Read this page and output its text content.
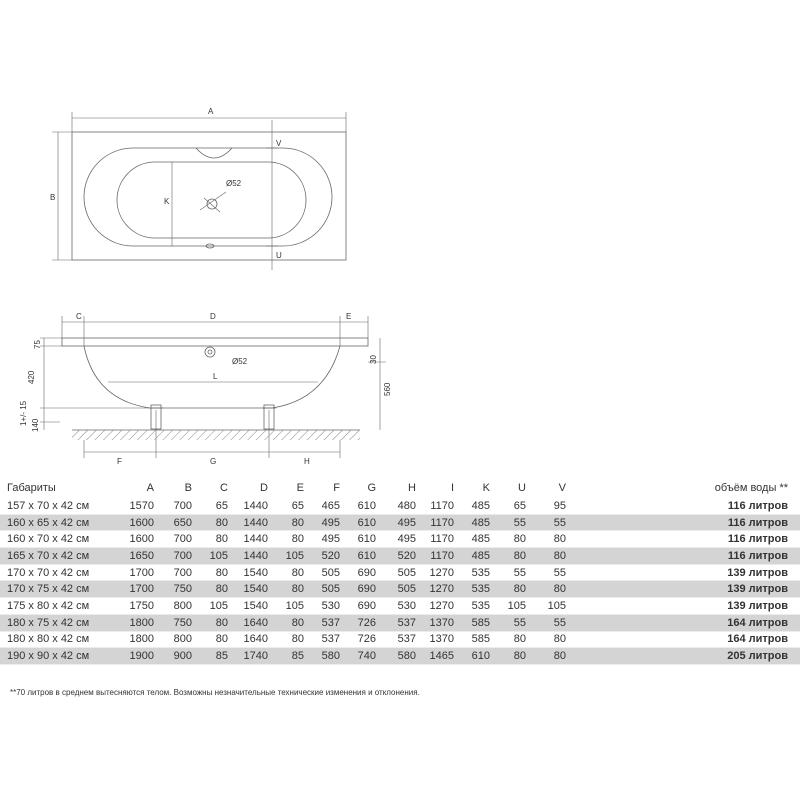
A
B
V
K
Ø52
U
C	D	E
75
420
Ø52
L
30
560
1+/- 15 140
F	G	H
Габариты	A	B	C	D	E	F	G	H	I	K	U	V	объём воды **
157 x 70 x 42 см	1570	700	65	1440	65	465	610	480	1170	485	65	95	116 литров
160 x 65 x 42 см	1600	650	80	1440	80	495	610	495	1170	485	55	55	116 литров
160 x 70 x 42 см	1600	700	80	1440	80	495	610	495	1170	485	80	80	116 литров
165 x 70 x 42 см	1650	700	105	1440	105	520	610	520	1170	485	80	80	116 литров
170 x 70 x 42 см	1700	700	80	1540	80	505	690	505	1270	535	55	55	139 литров
170 x 75 x 42 см	1700	750	80	1540	80	505	690	505	1270	535	80	80	139 литров
175 x 80 x 42 см	1750	800	105	1540	105	530	690	530	1270	535	105	105	139 литров
180 x 75 x 42 см	1800	750	80	1640	80	537	726	537	1370	585	55	55	164 литров
180 x 80 x 42 см	1800	800	80	1640	80	537	726	537	1370	585	80	80	164 литров
190 x 90 x 42 см	1900	900	85	1740	85	580	740	580	1465	610	80	80	205 литров
**70 литров в среднем вытесняются телом. Возможны незначительные технические изменения и отклонения.
